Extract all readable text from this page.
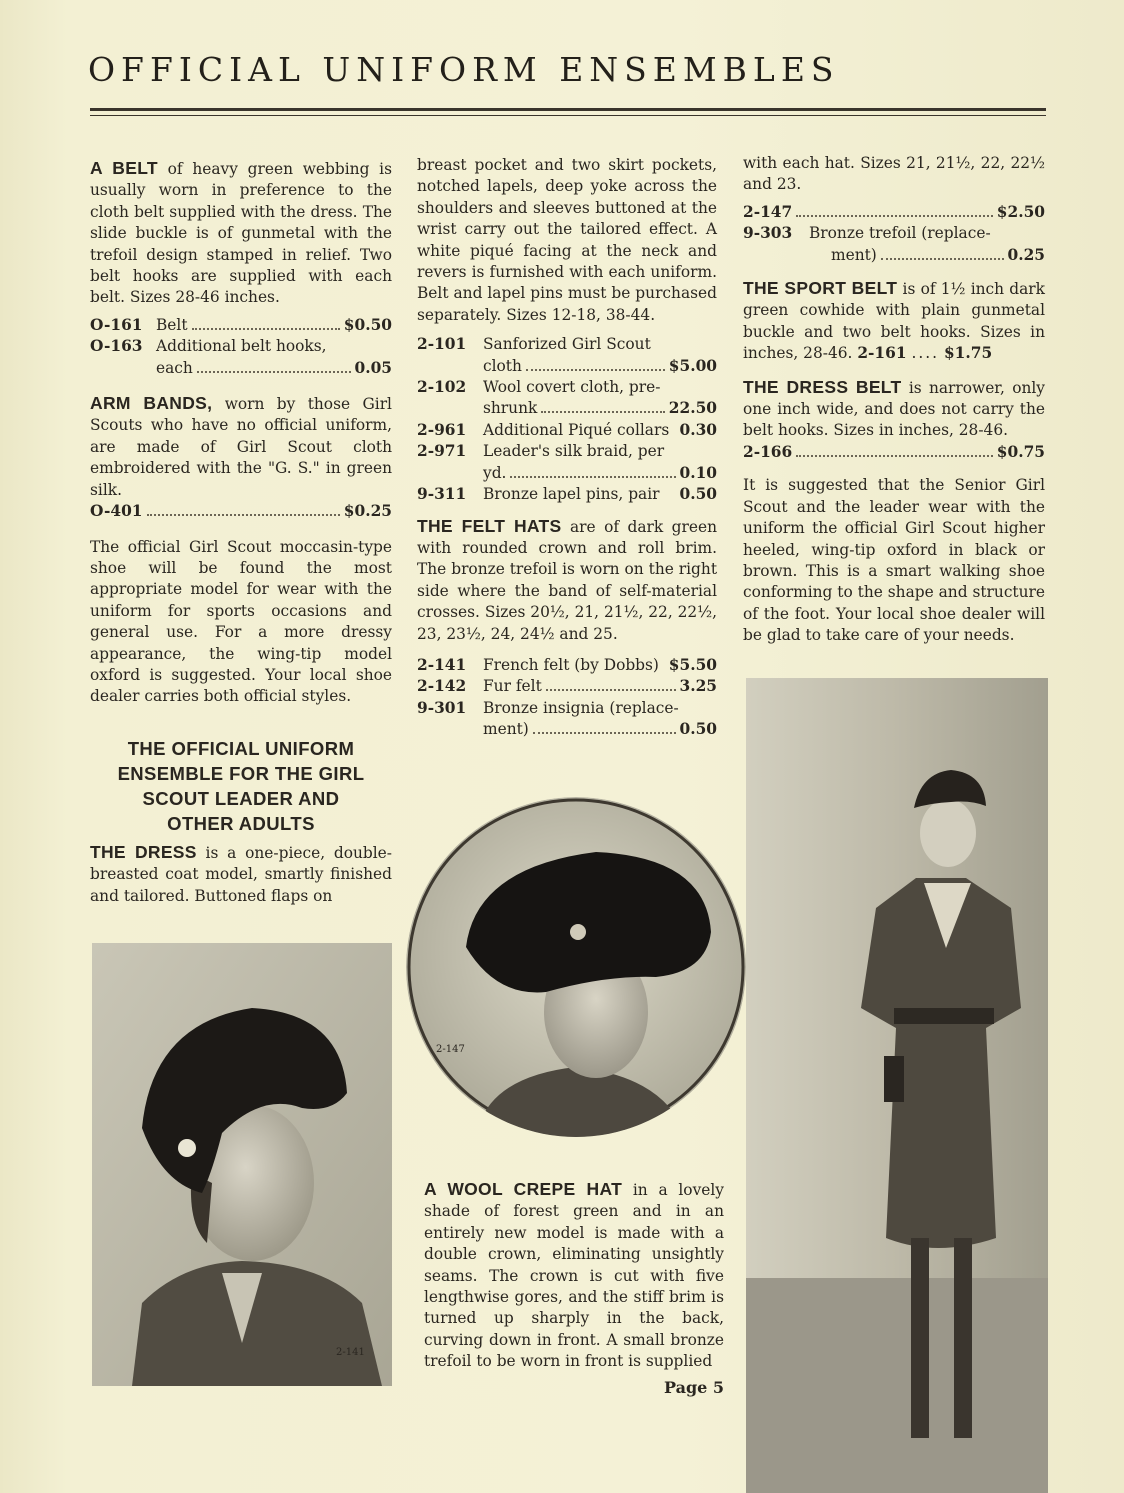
OFFICIAL UNIFORM ENSEMBLES

A BELT of heavy green webbing is usually worn in preference to the cloth belt supplied with the dress. The slide buckle is of gunmetal with the trefoil design stamped in relief. Two belt hooks are supplied with each belt. Sizes 28-46 inches.

O-161 Belt	$0.50
O-163 Additional belt hooks,
each	0.05

ARM BANDS, worn by those Girl Scouts who have no official uniform, are made of Girl Scout cloth embroidered with the "G. S." in green silk.

O-401	$0.25

The official Girl Scout moccasin-type shoe will be found the most appropriate model for wear with the uniform for sports occasions and general use. For a more dressy appearance, the wing-tip model oxford is suggested. Your local shoe dealer carries both official styles.

THE OFFICIAL UNIFORM
ENSEMBLE FOR THE GIRL
SCOUT LEADER AND
OTHER ADULTS

THE DRESS is a one-piece, double-breasted coat model, smartly finished and tailored. Buttoned flaps on

breast pocket and two skirt pockets, notched lapels, deep yoke across the shoulders and sleeves buttoned at the wrist carry out the tailored effect. A white piqué facing at the neck and revers is furnished with each uniform. Belt and lapel pins must be purchased separately. Sizes 12-18, 38-44.

2-101	Sanforized Girl Scout
cloth	$5.00
2-102	Wool covert cloth, pre-
shrunk	22.50
2-961	Additional Piqué collars 0.30
2-971	Leader's silk braid, per
yd.	0.10
9-311	Bronze lapel pins, pair 0.50

THE FELT HATS are of dark green with rounded crown and roll brim. The bronze trefoil is worn on the right side where the band of self-material crosses. Sizes 20½, 21, 21½, 22, 22½, 23, 23½, 24, 24½ and 25.

2-141	French felt (by Dobbs) $5.50
2-142	Fur felt	3.25
9-301	Bronze insignia (replace-
ment)	0.50

with each hat. Sizes 21, 21½, 22, 22½ and 23.

2-147	$2.50
9-303	Bronze trefoil (replace-
ment)	0.25

THE SPORT BELT is of 1½ inch dark green cowhide with plain gunmetal buckle and two belt hooks. Sizes in inches, 28-46. 2-161 .... $1.75

THE DRESS BELT is narrower, only one inch wide, and does not carry the belt hooks. Sizes in inches, 28-46.

2-166	$0.75

It is suggested that the Senior Girl Scout and the leader wear with the uniform the official Girl Scout higher heeled, wing-tip oxford in black or brown. This is a smart walking shoe conforming to the shape and structure of the foot. Your local shoe dealer will be glad to take care of your needs.

2-141
2-147

A WOOL CREPE HAT in a lovely shade of forest green and in an entirely new model is made with a double crown, eliminating unsightly seams. The crown is cut with five lengthwise gores, and the stiff brim is turned up sharply in the back, curving down in front. A small bronze trefoil to be worn in front is supplied

Page 5
